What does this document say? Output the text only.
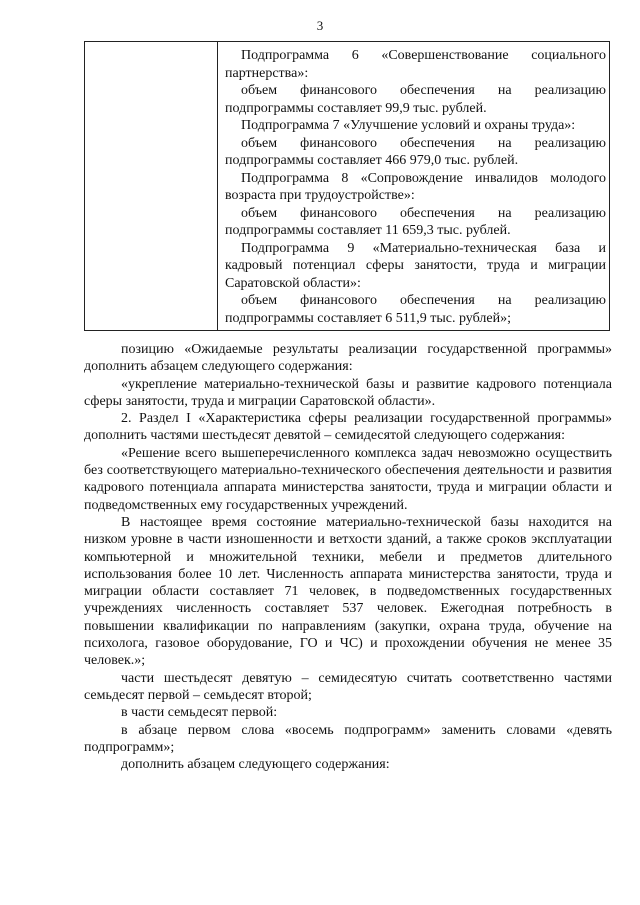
3

Подпрограмма 6 «Совершенствование социального партнерства»:

объем финансового обеспечения на реализацию подпрограммы составляет 99,9 тыс. рублей.

Подпрограмма 7 «Улучшение условий и охраны труда»:

объем финансового обеспечения на реализацию подпрограммы составляет 466 979,0 тыс. рублей.

Подпрограмма 8 «Сопровождение инвалидов молодого возраста при трудоустройстве»:

объем финансового обеспечения на реализацию подпрограммы составляет 11 659,3 тыс. рублей.

Подпрограмма 9 «Материально-техническая база и кадровый потенциал сферы занятости, труда и миграции Саратовской области»:

объем финансового обеспечения на реализацию подпрограммы составляет 6 511,9 тыс. рублей»;

позицию «Ожидаемые результаты реализации государственной программы» дополнить абзацем следующего содержания:

«укрепление материально-технической базы и развитие кадрового потенциала сферы занятости, труда и миграции Саратовской области».

2. Раздел I «Характеристика сферы реализации государственной программы» дополнить частями шестьдесят девятой – семидесятой следующего содержания:

«Решение всего вышеперечисленного комплекса задач невозможно осуществить без соответствующего материально-технического обеспечения деятельности и развития кадрового потенциала аппарата министерства занятости, труда и миграции области и подведомственных ему государственных учреждений.

В настоящее время состояние материально-технической базы находится на низком уровне в части изношенности и ветхости зданий, а также сроков эксплуатации компьютерной и множительной техники, мебели и предметов длительного использования более 10 лет. Численность аппарата министерства занятости, труда и миграции области составляет 71 человек, в подведомственных государственных учреждениях численность составляет 537 человек. Ежегодная потребность в повышении квалификации по направлениям (закупки, охрана труда, обучение на психолога, газовое оборудование, ГО и ЧС) и прохождении обучения не менее 35 человек.»;

части шестьдесят девятую – семидесятую считать соответственно частями семьдесят первой – семьдесят второй;

в части семьдесят первой:

в абзаце первом слова «восемь подпрограмм» заменить словами «девять подпрограмм»;

дополнить абзацем следующего содержания:
